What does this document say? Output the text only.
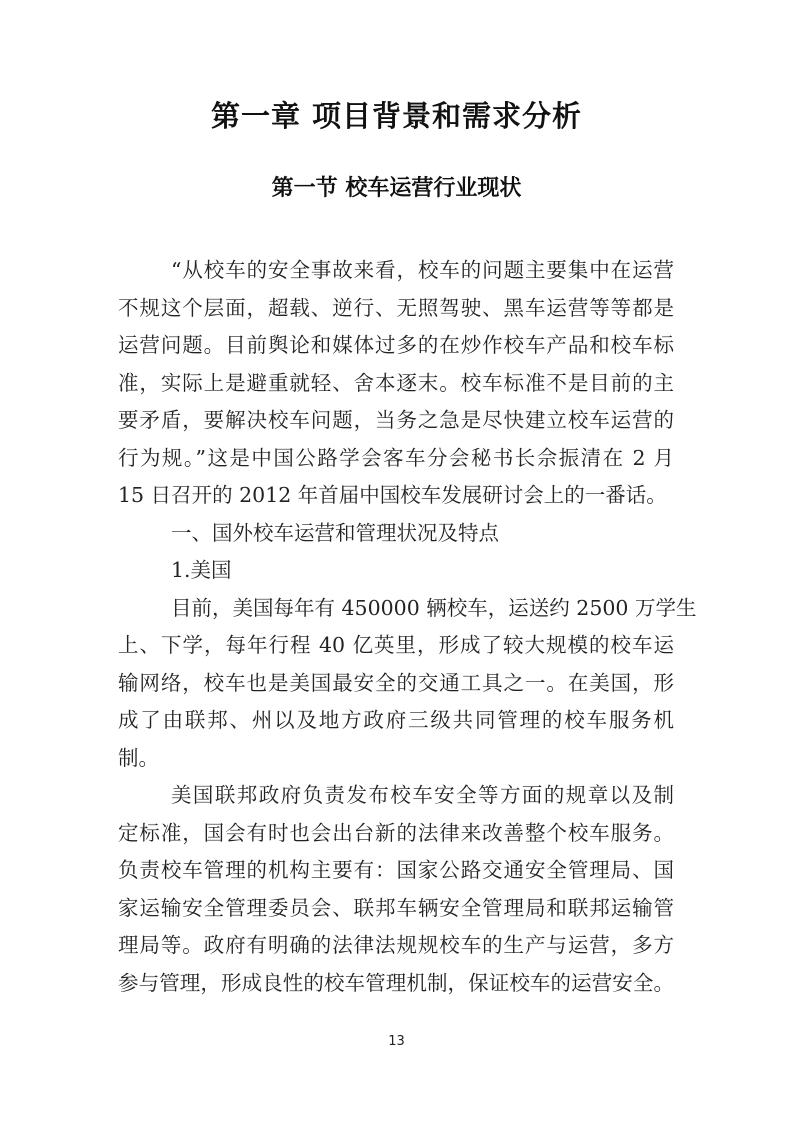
第一章 项目背景和需求分析
第一节 校车运营行业现状
“从校车的安全事故来看，校车的问题主要集中在运营
不规这个层面，超载、逆行、无照驾驶、黑车运营等等都是
运营问题。目前舆论和媒体过多的在炒作校车产品和校车标
准，实际上是避重就轻、舍本逐末。校车标准不是目前的主
要矛盾，要解决校车问题，当务之急是尽快建立校车运营的
行为规。”这是中国公路学会客车分会秘书长佘振清在 2 月
15 日召开的 2012 年首届中国校车发展研讨会上的一番话。
一、国外校车运营和管理状况及特点
1.美国
目前，美国每年有 450000 辆校车，运送约 2500 万学生
上、下学，每年行程 40 亿英里，形成了较大规模的校车运
输网络，校车也是美国最安全的交通工具之一。在美国，形
成了由联邦、州以及地方政府三级共同管理的校车服务机
制。
美国联邦政府负责发布校车安全等方面的规章以及制
定标准，国会有时也会出台新的法律来改善整个校车服务。
负责校车管理的机构主要有：国家公路交通安全管理局、国
家运输安全管理委员会、联邦车辆安全管理局和联邦运输管
理局等。政府有明确的法律法规规校车的生产与运营，多方
参与管理，形成良性的校车管理机制，保证校车的运营安全。
13
